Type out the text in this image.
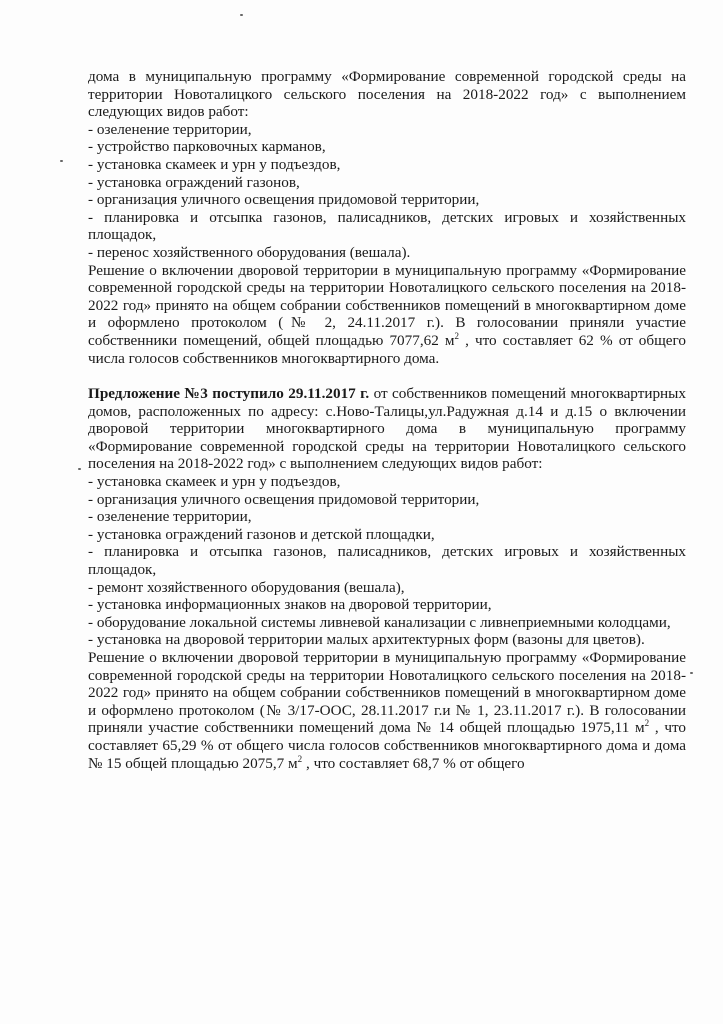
дома в муниципальную программу «Формирование современной городской среды на территории Новоталицкого сельского поселения на 2018-2022 год» с выполнением следующих видов работ:

- озеленение территории,

- устройство парковочных карманов,

- установка скамеек и урн у подъездов,

- установка ограждений газонов,

- организация уличного освещения придомовой территории,

- планировка и отсыпка газонов, палисадников, детских игровых и хозяйственных площадок,

- перенос хозяйственного оборудования (вешала).

Решение о включении дворовой территории в муниципальную программу «Формирование современной городской среды на территории Новоталицкого сельского поселения на 2018-2022 год» принято на общем собрании собственников помещений в многоквартирном доме и оформлено протоколом (№ 2, 24.11.2017 г.). В голосовании приняли участие собственники помещений, общей площадью 7077,62 $м^2$ , что составляет 62 % от общего числа голосов собственников многоквартирного дома.

Предложение №3 поступило 29.11.2017 г. от собственников помещений многоквартирных домов, расположенных по адресу: с.Ново-Талицы,ул.Радужная д.14 и д.15 о включении дворовой территории многоквартирного дома в муниципальную программу «Формирование современной городской среды на территории Новоталицкого сельского поселения на 2018-2022 год» с выполнением следующих видов работ:

- установка скамеек и урн у подъездов,

- организация уличного освещения придомовой территории,

- озеленение территории,

- установка ограждений газонов и детской площадки,

- планировка и отсыпка газонов, палисадников, детских игровых и хозяйственных площадок,

- ремонт хозяйственного оборудования (вешала),

- установка информационных знаков на дворовой территории,

- оборудование локальной системы ливневой канализации с ливнеприемными колодцами,

- установка на дворовой территории малых архитектурных форм (вазоны для цветов).

Решение о включении дворовой территории в муниципальную программу «Формирование современной городской среды на территории Новоталицкого сельского поселения на 2018-2022 год» принято на общем собрании собственников помещений в многоквартирном доме и оформлено протоколом (№ 3/17-ООС, 28.11.2017 г.и № 1, 23.11.2017 г.). В голосовании приняли участие собственники помещений дома № 14 общей площадью 1975,11 $м^2$ , что составляет 65,29 % от общего числа голосов собственников многоквартирного дома и дома № 15 общей площадью 2075,7 $м^2$ , что составляет 68,7 % от общего
